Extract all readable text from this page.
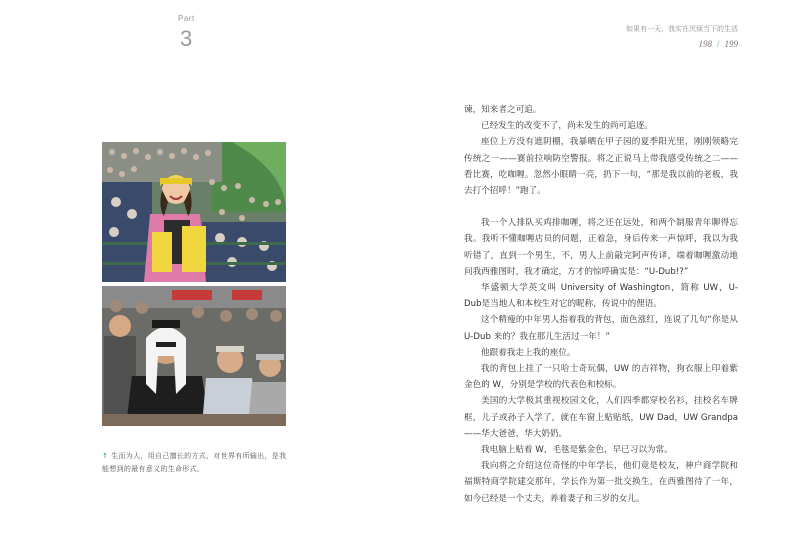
Part
3	如果有一天，我实在厌烦当下的生活
198 / 199
↑ 生而为人，用自己擅长的方式，对世界有所输出，是我能想到的最有意义的生命形式。

谏，知来者之可追。

已经发生的改变不了，尚未发生的尚可追逐。

座位上方没有遮阴棚，我暴晒在甲子园的夏季阳光里，刚刚领略完传统之一——赛前拉响防空警报。将之正说马上带我感受传统之二——看比赛，吃咖喱。忽然小眼睛一亮，扔下一句，“那是我以前的老板，我去打个招呼！”跑了。

我一个人排队买鸡排咖喱，将之还在远处，和两个制服青年聊得忘我。我听不懂咖喱店员的问题，正着急，身后传来一声惊呼，我以为我听错了，直到一个男生，不，男人上前敲完阿声传译，端着咖喱激动地问我西雅图时，我才确定，方才的惊呼确实是：“U-Dub!?”

华盛顿大学英文叫 University of Washington，简称 UW，U-Dub是当地人和本校生对它的昵称，传说中的俚语。

这个精瘦的中年男人指着我的背包，面色涨红，连说了几句“你是从U-Dub 来的？我在那儿生活过一年！”

他跟着我走上我的座位。

我的背包上挂了一只哈士奇玩偶，UW 的吉祥物，狗衣服上印着紫金色的 W，分别是学校的代表色和校标。

美国的大学极其重视校园文化，人们四季都穿校名衫，挂校名车牌框，儿子或孙子入学了，就在车窗上贴贴纸，UW Dad，UW Grandpa——华大爸爸，华大奶奶。

我电脑上贴着 W，毛毯是紫金色，早已习以为常。

我向将之介绍这位奇怪的中年学长，他们竟是校友，神户商学院和福斯特商学院建交那年，学长作为第一批交换生，在西雅图待了一年，如今已经是一个丈夫，养着妻子和三岁的女儿。
